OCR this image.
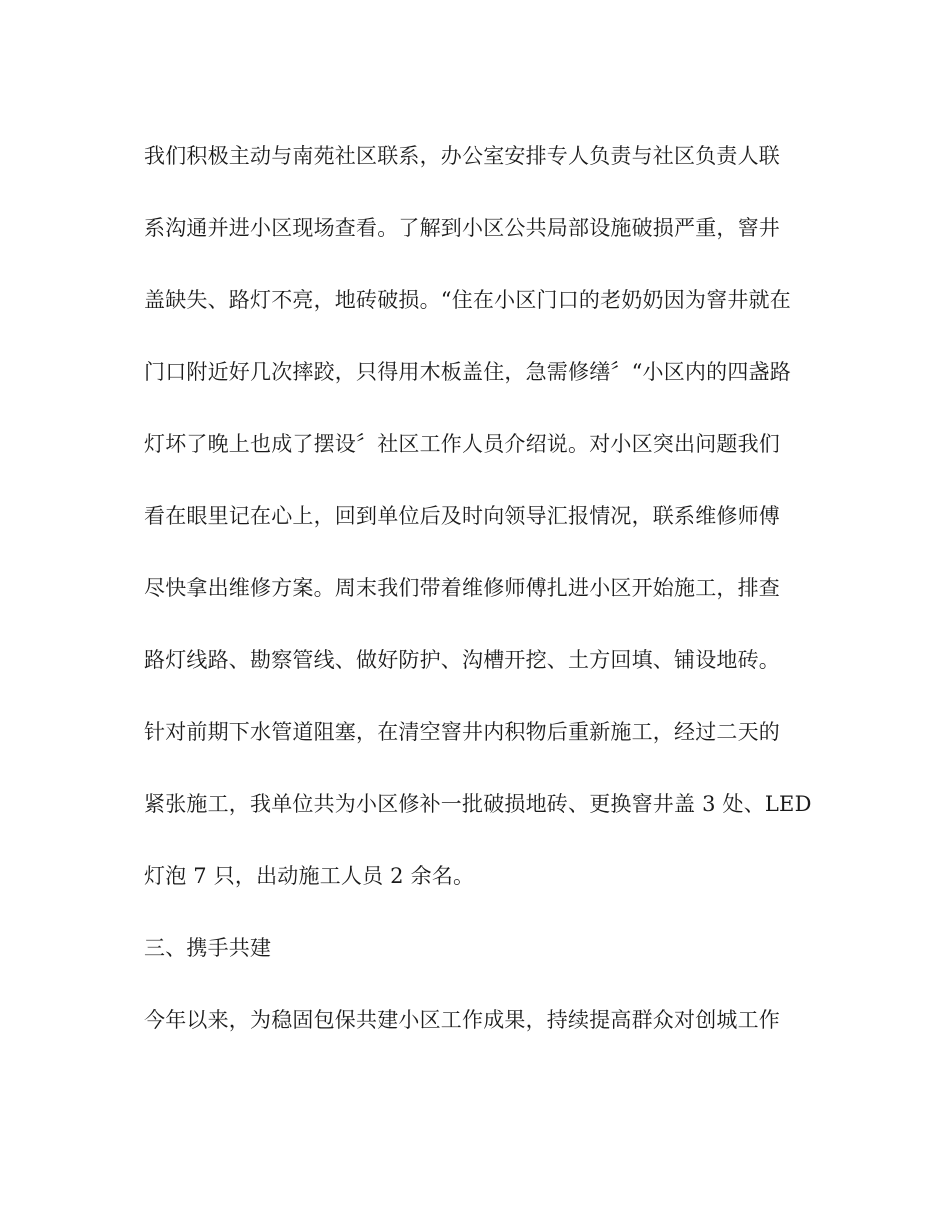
我们积极主动与南苑社区联系，办公室安排专人负责与社区负责人联
系沟通并进小区现场查看。了解到小区公共局部设施破损严重，窨井
盖缺失、路灯不亮，地砖破损。“住在小区门口的老奶奶因为窨井就在
门口附近好几次摔跤，只得用木板盖住，急需修缮〞“小区内的四盏路
灯坏了晚上也成了摆设〞社区工作人员介绍说。对小区突出问题我们
看在眼里记在心上，回到单位后及时向领导汇报情况，联系维修师傅
尽快拿出维修方案。周末我们带着维修师傅扎进小区开始施工，排查
路灯线路、勘察管线、做好防护、沟槽开挖、土方回填、铺设地砖。
针对前期下水管道阻塞，在清空窨井内积物后重新施工，经过二天的
紧张施工，我单位共为小区修补一批破损地砖、更换窨井盖 3 处、LED
灯泡 7 只，出动施工人员 2 余名。
三、携手共建
今年以来，为稳固包保共建小区工作成果，持续提高群众对创城工作
